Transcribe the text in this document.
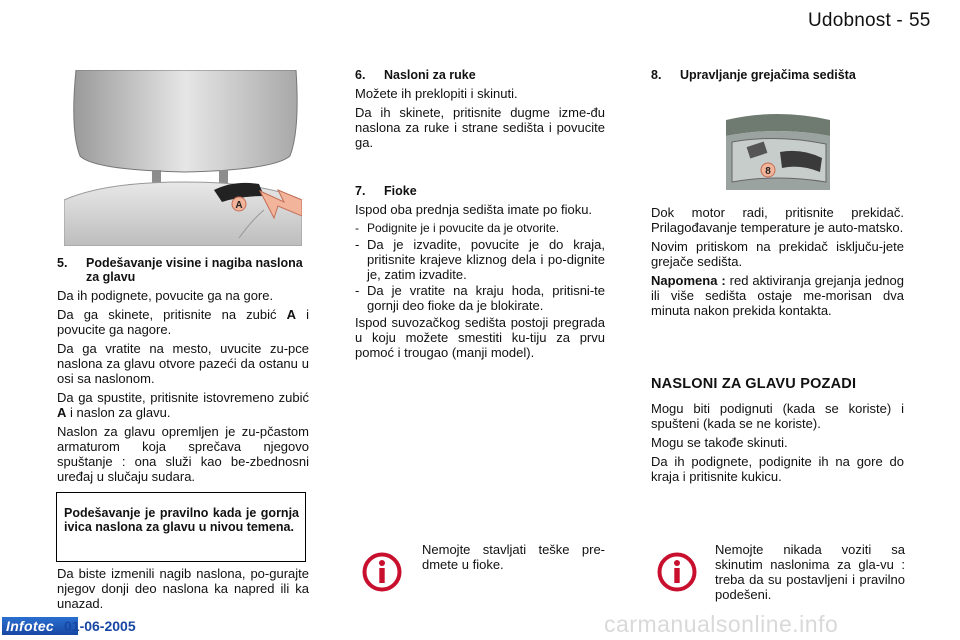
Udobnost - 55
A
8
5.	Podešavanje visine i nagiba naslona za glavu

Da ih podignete, povucite ga na gore.

Da ga skinete, pritisnite na zubić A i povucite ga nagore.

Da ga vratite na mesto, uvucite zu-pce naslona za glavu otvore pazeći da ostanu u osi sa naslonom.

Da ga spustite, pritisnite istovremeno zubić A i naslon za glavu.

Naslon za glavu opremljen je zu-pčastom armaturom koja sprečava njegovo spuštanje : ona služi kao be-zbednosni uređaj u slučaju sudara.

Podešavanje je pravilno kada je gornja ivica naslona za glavu u nivou temena.

Da biste izmenili nagib naslona, po-gurajte njegov donji deo naslona ka napred ili ka unazad.

6.	Nasloni za ruke

Možete ih preklopiti i skinuti.

Da ih skinete, pritisnite dugme izme-đu naslona za ruke i strane sedišta i povucite ga.

7.	Fioke

Ispod oba prednja sedišta imate po fioku.

- Podignite je i povucite da je otvorite.
- Da je izvadite, povucite je do kraja, pritisnite krajeve kliznog dela i po-dignite je, zatim izvadite.
- Da je vratite na kraju hoda, pritisni-te gornji deo fioke da je blokirate.

Ispod suvozačkog sedišta postoji pregrada u koju možete smestiti ku-tiju za prvu pomoć i trougao (manji model).

8.	Upravljanje grejačima sedišta

Dok motor radi, pritisnite prekidač. Prilagođavanje temperature je auto-matsko.

Novim pritiskom na prekidač isključu-jete grejače sedišta.

Napomena : red aktiviranja grejanja jednog ili više sedišta ostaje me-morisan dva minuta nakon prekida kontakta.

NASLONI ZA GLAVU POZADI

Mogu biti podignuti (kada se koriste) i spušteni (kada se ne koriste).

Mogu se takođe skinuti.

Da ih podignete, podignite ih na gore do kraja i pritisnite kukicu.

Nemojte stavljati teške pre-dmete u fioke.
Nemojte nikada voziti sa skinutim naslonima za gla-vu : treba da su postavljeni i pravilno podešeni.
Infotec 01-06-2005	carmanualsonline.info
